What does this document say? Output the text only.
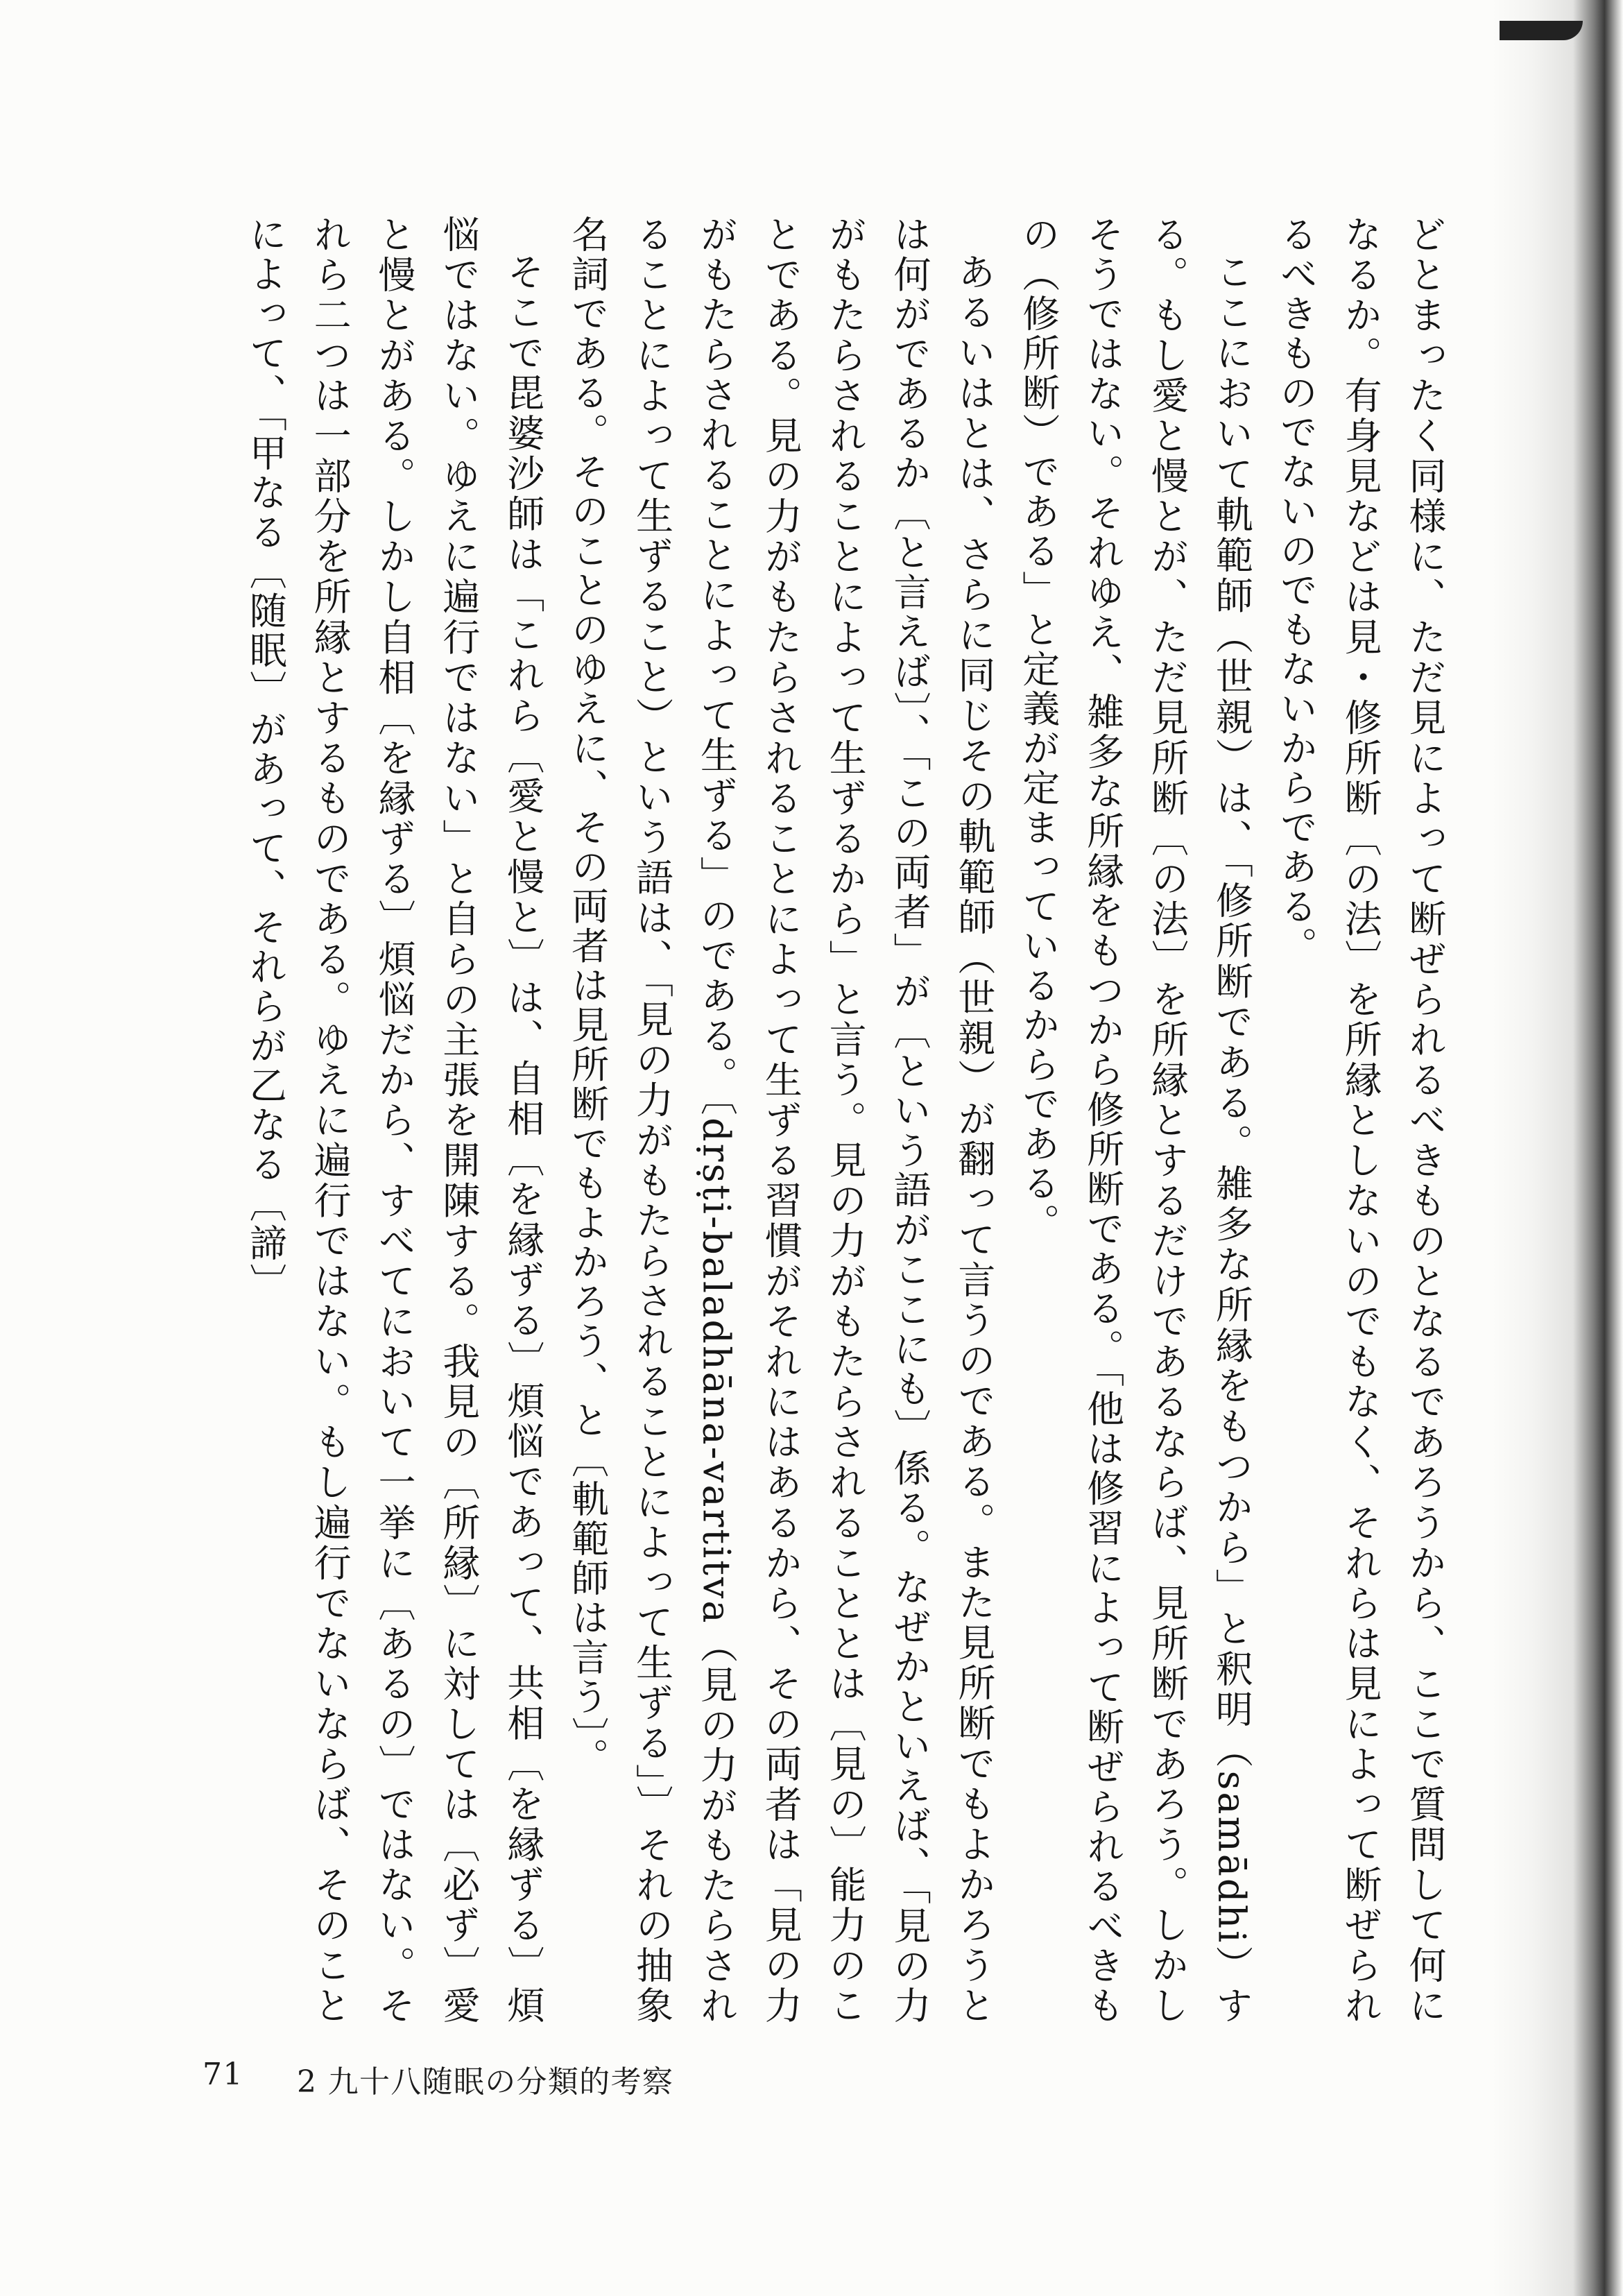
どとまったく同様に、ただ見によって断ぜられるべきものとなるであろうから、ここで質問して何になるか。有身見などは見・修所断〔の法〕を所縁としないのでもなく、それらは見によって断ぜられるべきものでないのでもないからである。

ここにおいて軌範師（世親）は、「修所断である。雑多な所縁をもつから」と釈明（samādhi）する。もし愛と慢とが、ただ見所断〔の法〕を所縁とするだけであるならば、見所断であろう。しかしそうではない。それゆえ、雑多な所縁をもつから修所断である。「他は修習によって断ぜられるべきもの（修所断）である」と定義が定まっているからである。

あるいはとは、さらに同じその軌範師（世親）が翻って言うのである。また見所断でもよかろうとは何がであるか〔と言えば〕、「この両者」が〔という語がここにも〕係る。なぜかといえば、「見の力がもたらされることによって生ずるから」と言う。見の力がもたらされることとは〔見の〕能力のことである。見の力がもたらされることによって生ずる習慣がそれにはあるから、その両者は「見の力がもたらされることによって生ずる」のである。〔dṛṣṭi-baladhāna-vartitva（見の力がもたらされることによって生ずること）という語は、「見の力がもたらされることによって生ずる」〕それの抽象名詞である。そのことのゆえに、その両者は見所断でもよかろう、と〔軌範師は言う〕。

そこで毘婆沙師は「これら〔愛と慢と〕は、自相〔を縁ずる〕煩悩であって、共相〔を縁ずる〕煩悩ではない。ゆえに遍行ではない」と自らの主張を開陳する。我見の〔所縁〕に対しては〔必ず〕愛と慢とがある。しかし自相〔を縁ずる〕煩悩だから、すべてにおいて一挙に〔あるの〕ではない。それら二つは一部分を所縁とするものである。ゆえに遍行ではない。もし遍行でないならば、そのことによって、「甲なる〔随眠〕があって、それらが乙なる〔諦〕

71 2 九十八随眠の分類的考察
